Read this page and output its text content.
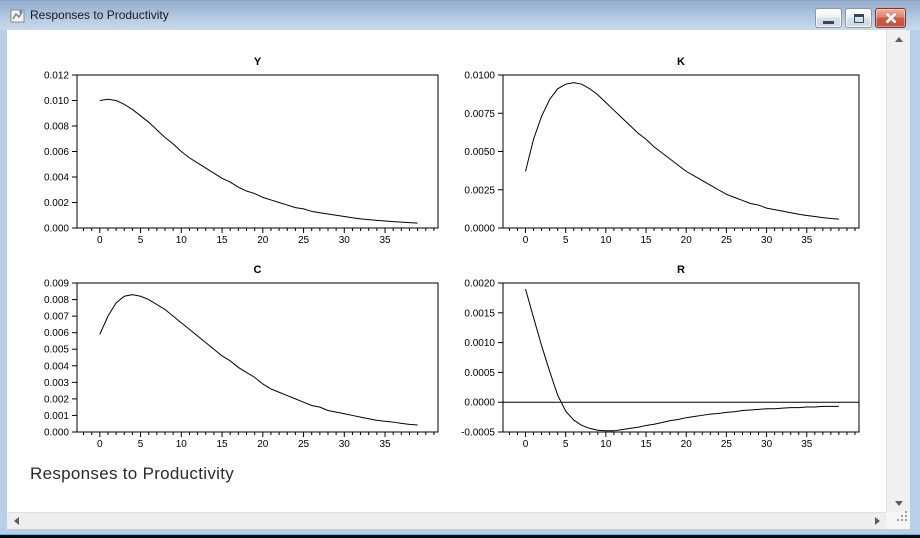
Responses to Productivity
Y
0.012
0.010
0.008
0.006
0.004
0.002
0.000
0	5	10	15	20	25	30	35
K
0.0100
0.0075
0.0050
0.0025
0.0000
0	5	10	15	20	25	30	35
C
0.009
0.008
0.007
0.006
0.005
0.004
0.003
0.002
0.001
0.000
0	5	10	15	20	25	30	35
R
0.0020
0.0015
0.0010
0.0005
0.0000
-0.0005
0	5	10	15	20	25	30	35
Responses to Productivity
